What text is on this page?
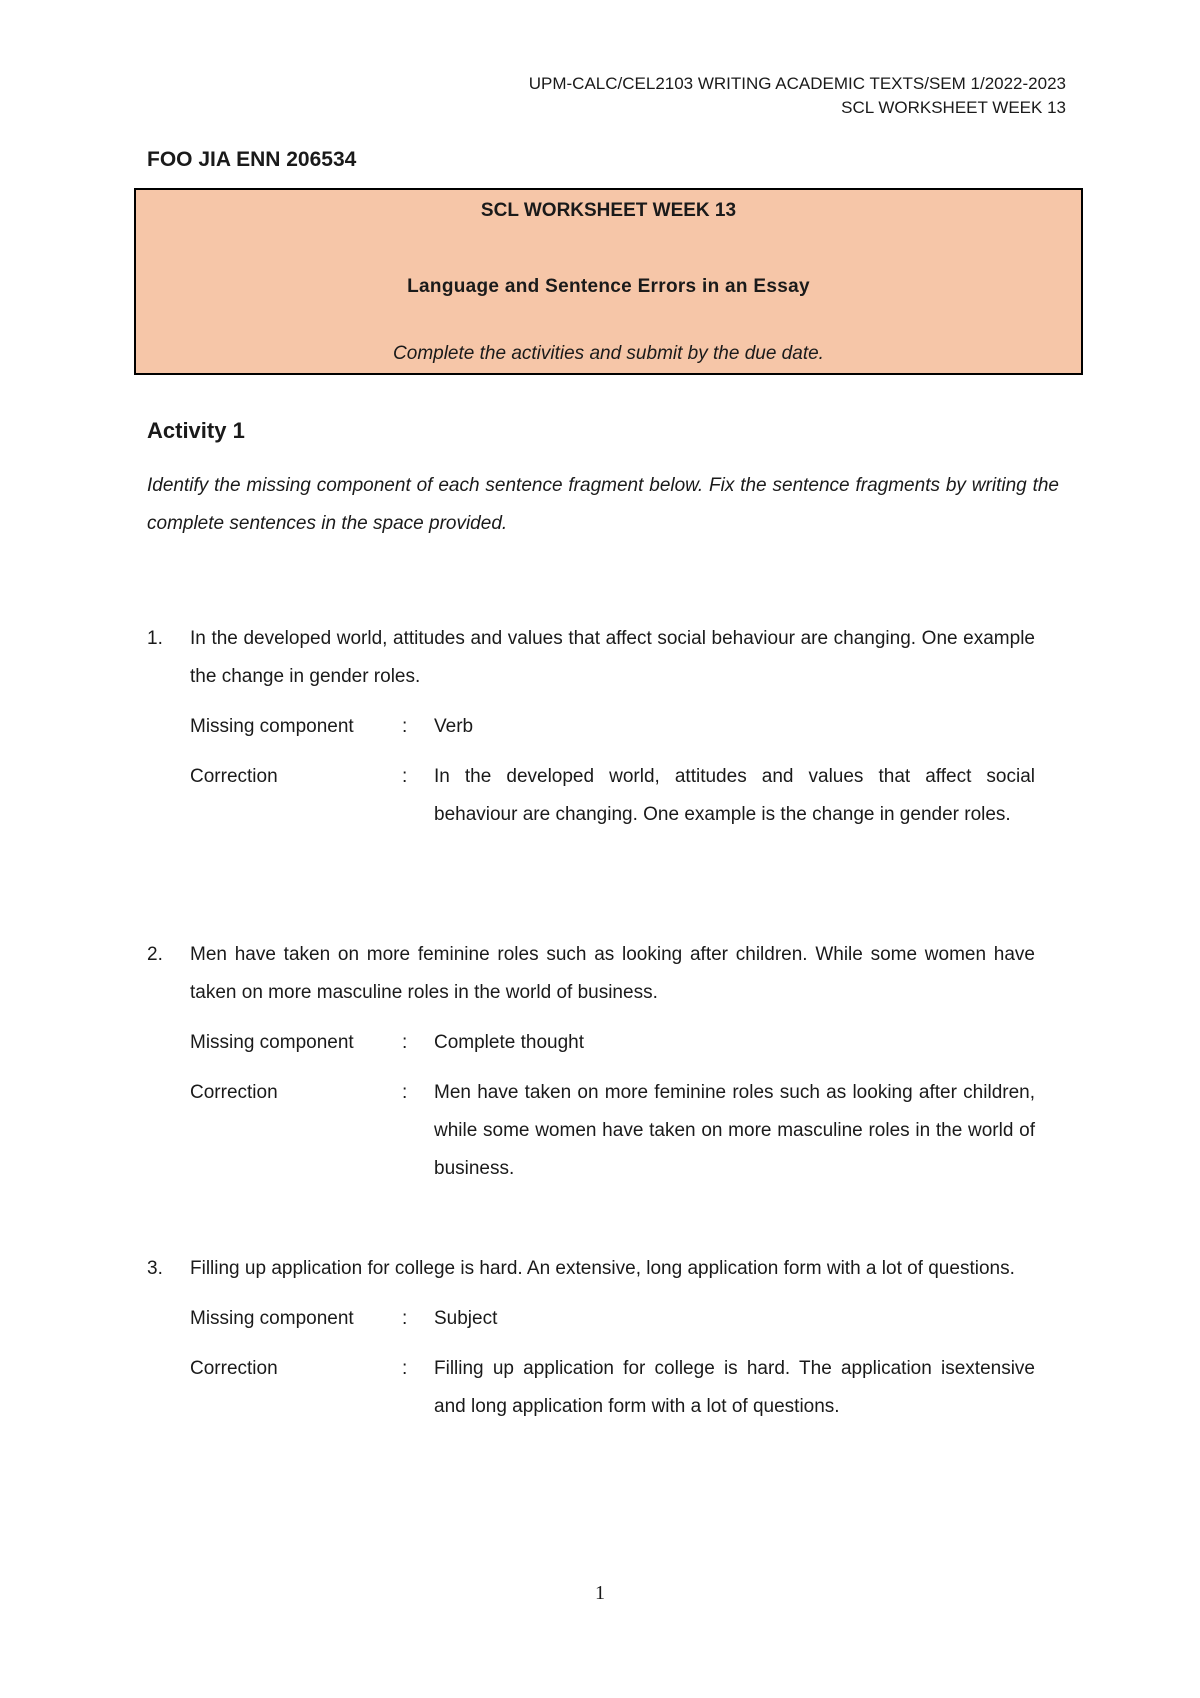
UPM-CALC/CEL2103 WRITING ACADEMIC TEXTS/SEM 1/2022-2023
SCL WORKSHEET WEEK 13
FOO JIA ENN 206534
SCL WORKSHEET WEEK 13
Language and Sentence Errors in an Essay
Complete the activities and submit by the due date.
Activity 1

Identify the missing component of each sentence fragment below. Fix the sentence fragments by writing the complete sentences in the space provided.

1. In the developed world, attitudes and values that affect social behaviour are changing. One example the change in gender roles.

Missing component	:	Verb
Correction	:	In the developed world, attitudes and values that affect social behaviour are changing. One example is the change in gender roles.
2. Men have taken on more feminine roles such as looking after children. While some women have taken on more masculine roles in the world of business.

Missing component	:	Complete thought
Correction	:	Men have taken on more feminine roles such as looking after children, while some women have taken on more masculine roles in the world of business.
3. Filling up application for college is hard. An extensive, long application form with a lot of questions.

Missing component	:	Subject
Correction	:	Filling up application for college is hard. The application isextensive and long application form with a lot of questions.
1
